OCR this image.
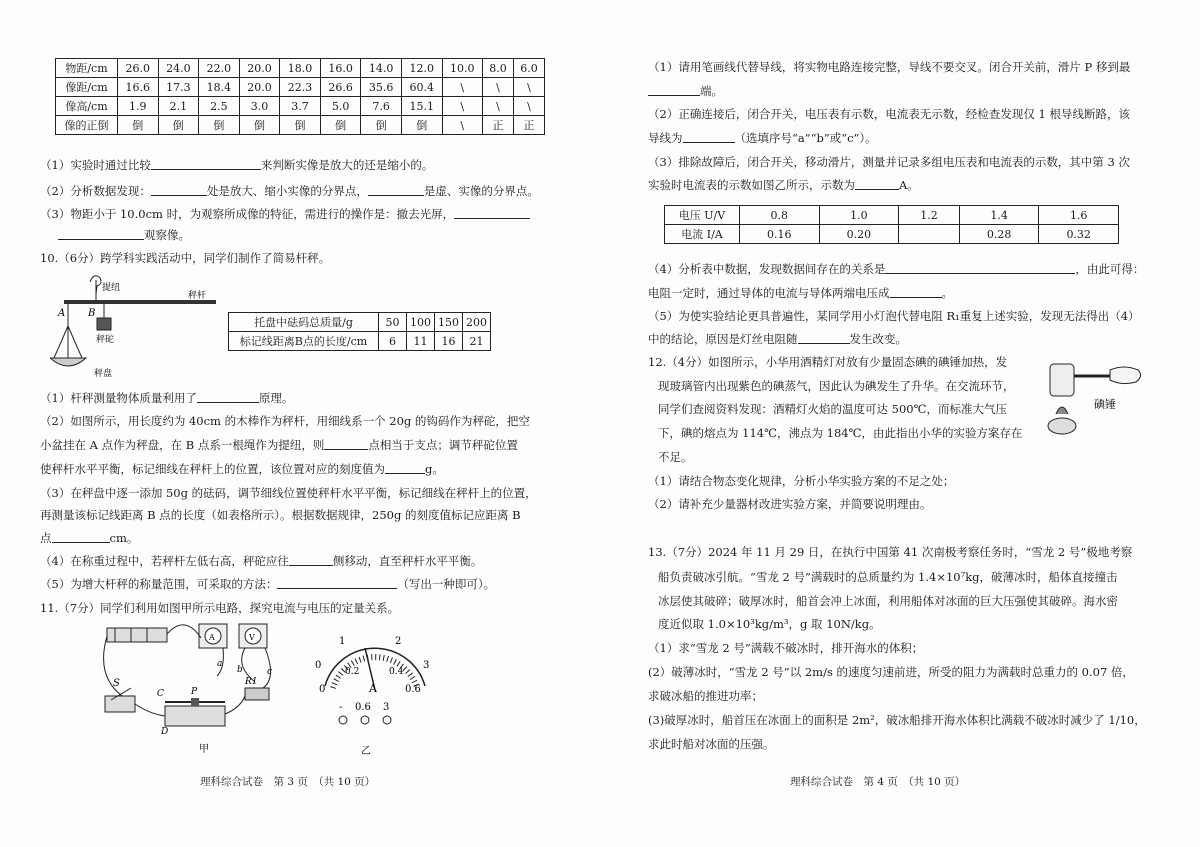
物距/cm	26.0	24.0	22.0	20.0	18.0	16.0	14.0	12.0	10.0	8.0	6.0
像距/cm	16.6	17.3	18.4	20.0	22.3	26.6	35.6	60.4	\	\	\
像高/cm	1.9	2.1	2.5	3.0	3.7	5.0	7.6	15.1	\	\	\
像的正倒	倒	倒	倒	倒	倒	倒	倒	倒	\	正	正
（1）实验时通过比较	来判断实像是放大的还是缩小的。
（2）分析数据发现：	处是放大、缩小实像的分界点，	是虚、实像的分界点。
（3）物距小于 10.0cm 时，为观察所成像的特征，需进行的操作是：撤去光屏，
观察像。
10.（6分）跨学科实践活动中，同学们制作了简易杆秤。
提纽
秤杆
A B
秤砣
秤盘
托盘中砝码总质量/g	50	100	150	200
标记线距离B点的长度/cm	6	11	16	21
（1）杆秤测量物体质量利用了	原理。
（2）如图所示，用长度约为 40cm 的木棒作为秤杆，用细线系一个 20g 的钩码作为秤砣，把空
小盆挂在 A 点作为秤盘，在 B 点系一根绳作为提纽，则	点相当于支点；调节秤砣位置
使秤杆水平平衡，标记细线在秤杆上的位置，该位置对应的刻度值为	g。
（3）在秤盘中逐一添加 50g 的砝码，调节细线位置使秤杆水平平衡，标记细线在秤杆上的位置，
再测量该标记线距离 B 点的长度（如表格所示）。根据数据规律，250g 的刻度值标记应距离 B
点	cm。
（4）在称重过程中，若秤杆左低右高，秤砣应往	侧移动，直至秤杆水平平衡。
（5）为增大杆秤的称量范围，可采取的方法：	（写出一种即可）。
11.（7分）同学们利用如图甲所示电路，探究电流与电压的定量关系。
A	V
a
b	c
S
C	P
R1
D
甲
1	2
0	3
0.2	0.4
0	0.6
A
- 0.6 3
乙
理科综合试卷　第 3 页　（共 10 页）
（1）请用笔画线代替导线，将实物电路连接完整，导线不要交叉。闭合开关前，滑片 P 移到最
端。
（2）正确连接后，闭合开关，电压表有示数，电流表无示数，经检查发现仅 1 根导线断路，该
导线为	（选填序号“a”“b”或“c”）。
（3）排除故障后，闭合开关，移动滑片，测量并记录多组电压表和电流表的示数，其中第 3 次
实验时电流表的示数如图乙所示，示数为	A。
电压 U/V	0.8	1.0	1.2	1.4	1.6
电流 I/A	0.16	0.20		0.28	0.32
（4）分析表中数据，发现数据间存在的关系是	，由此可得：
电阻一定时，通过导体的电流与导体两端电压成	。
（5）为使实验结论更具普遍性，某同学用小灯泡代替电阻 R₁重复上述实验，发现无法得出（4）
中的结论，原因是灯丝电阻随	发生改变。
12.（4分）如图所示，小华用酒精灯对放有少量固态碘的碘锤加热，发
现玻璃管内出现紫色的碘蒸气，因此认为碘发生了升华。在交流环节，
同学们查阅资料发现：酒精灯火焰的温度可达 500℃，而标准大气压
下，碘的熔点为 114℃，沸点为 184℃，由此指出小华的实验方案存在
不足。
（1）请结合物态变化规律，分析小华实验方案的不足之处；
（2）请补充少量器材改进实验方案，并简要说明理由。
碘锤
13.（7分）2024 年 11 月 29 日，在执行中国第 41 次南极考察任务时，“雪龙 2 号”极地考察
船负责破冰引航。“雪龙 2 号”满载时的总质量约为 1.4×10⁷kg，破薄冰时，船体直接撞击
冰层使其破碎；破厚冰时，船首会冲上冰面，利用船体对冰面的巨大压强使其破碎。海水密
度近似取 1.0×10³kg/m³，g 取 10N/kg。
（1）求“雪龙 2 号”满载不破冰时，排开海水的体积；
(2）破薄冰时，“雪龙 2 号”以 2m/s 的速度匀速前进，所受的阻力为满载时总重力的 0.07 倍，
求破冰船的推进功率；
(3)破厚冰时，船首压在冰面上的面积是 2m²，破冰船排开海水体积比满载不破冰时减少了 1/10，
求此时船对冰面的压强。
理科综合试卷　第 4 页　（共 10 页）
